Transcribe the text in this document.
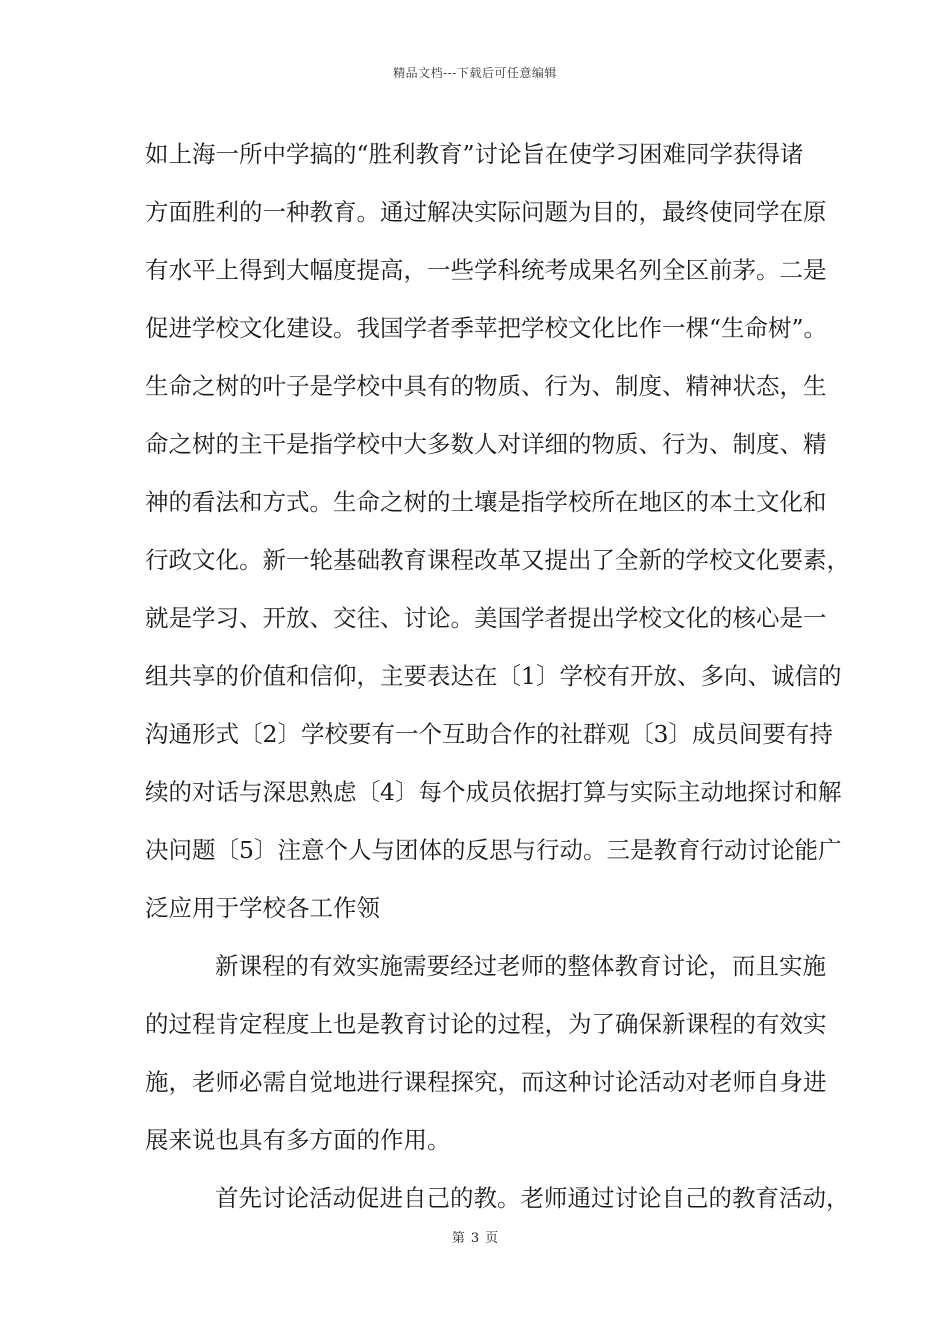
精品文档---下载后可任意编辑
如上海一所中学搞的“胜利教育”讨论旨在使学习困难同学获得诸
方面胜利的一种教育。通过解决实际问题为目的，最终使同学在原
有水平上得到大幅度提高，一些学科统考成果名列全区前茅。二是
促进学校文化建设。我国学者季苹把学校文化比作一棵“生命树”。
生命之树的叶子是学校中具有的物质、行为、制度、精神状态，生
命之树的主干是指学校中大多数人对详细的物质、行为、制度、精
神的看法和方式。生命之树的土壤是指学校所在地区的本土文化和
行政文化。新一轮基础教育课程改革又提出了全新的学校文化要素，
就是学习、开放、交往、讨论。美国学者提出学校文化的核心是一
组共享的价值和信仰，主要表达在〔1〕学校有开放、多向、诚信的
沟通形式〔2〕学校要有一个互助合作的社群观〔3〕成员间要有持
续的对话与深思熟虑〔4〕每个成员依据打算与实际主动地探讨和解
决问题〔5〕注意个人与团体的反思与行动。三是教育行动讨论能广
泛应用于学校各工作领
新课程的有效实施需要经过老师的整体教育讨论，而且实施
的过程肯定程度上也是教育讨论的过程，为了确保新课程的有效实
施，老师必需自觉地进行课程探究，而这种讨论活动对老师自身进
展来说也具有多方面的作用。
首先讨论活动促进自己的教。老师通过讨论自己的教育活动，
第 3 页
